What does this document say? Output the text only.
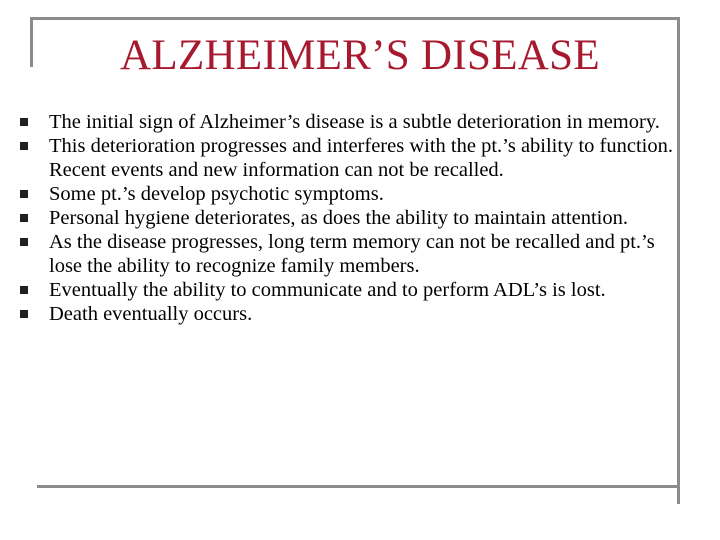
ALZHEIMER’S DISEASE
The initial sign of Alzheimer’s disease is a subtle deterioration in memory.
This deterioration progresses and interferes with the pt.’s ability to function. Recent events and new information can not be recalled.
Some pt.’s develop psychotic symptoms.
Personal hygiene deteriorates, as does the ability to maintain attention.
As the disease progresses, long term memory can not be recalled and pt.’s lose the ability to recognize family members.
Eventually the ability to communicate and to perform ADL’s is lost.
Death eventually occurs.
